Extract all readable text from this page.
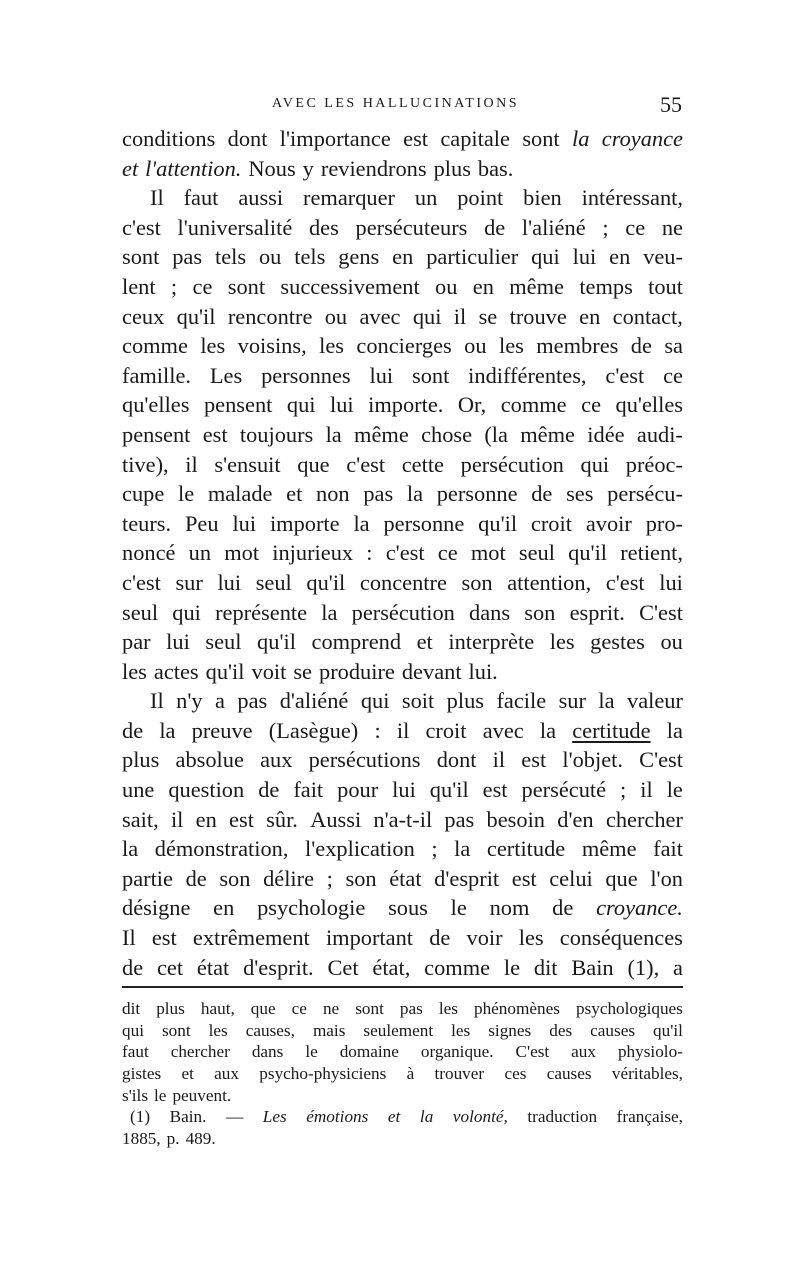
AVEC LES HALLUCINATIONS	55
conditions dont l'importance est capitale sont la croyance
et l'attention. Nous y reviendrons plus bas.
Il faut aussi remarquer un point bien intéressant,
c'est l'universalité des persécuteurs de l'aliéné ; ce ne
sont pas tels ou tels gens en particulier qui lui en veu-
lent ; ce sont successivement ou en même temps tout
ceux qu'il rencontre ou avec qui il se trouve en contact,
comme les voisins, les concierges ou les membres de sa
famille. Les personnes lui sont indifférentes, c'est ce
qu'elles pensent qui lui importe. Or, comme ce qu'elles
pensent est toujours la même chose (la même idée audi-
tive), il s'ensuit que c'est cette persécution qui préoc-
cupe le malade et non pas la personne de ses persécu-
teurs. Peu lui importe la personne qu'il croit avoir pro-
noncé un mot injurieux : c'est ce mot seul qu'il retient,
c'est sur lui seul qu'il concentre son attention, c'est lui
seul qui représente la persécution dans son esprit. C'est
par lui seul qu'il comprend et interprète les gestes ou
les actes qu'il voit se produire devant lui.
Il n'y a pas d'aliéné qui soit plus facile sur la valeur
de la preuve (Lasègue) : il croit avec la certitude la
plus absolue aux persécutions dont il est l'objet. C'est
une question de fait pour lui qu'il est persécuté ; il le
sait, il en est sûr. Aussi n'a-t-il pas besoin d'en chercher
la démonstration, l'explication ; la certitude même fait
partie de son délire ; son état d'esprit est celui que l'on
désigne en psychologie sous le nom de croyance.
Il est extrêmement important de voir les conséquences
de cet état d'esprit. Cet état, comme le dit Bain (1), a
dit plus haut, que ce ne sont pas les phénomènes psychologiques
qui sont les causes, mais seulement les signes des causes qu'il
faut chercher dans le domaine organique. C'est aux physiolo-
gistes et aux psycho-physiciens à trouver ces causes véritables,
s'ils le peuvent.
(1) Bain. — Les émotions et la volonté, traduction française,
1885, p. 489.
